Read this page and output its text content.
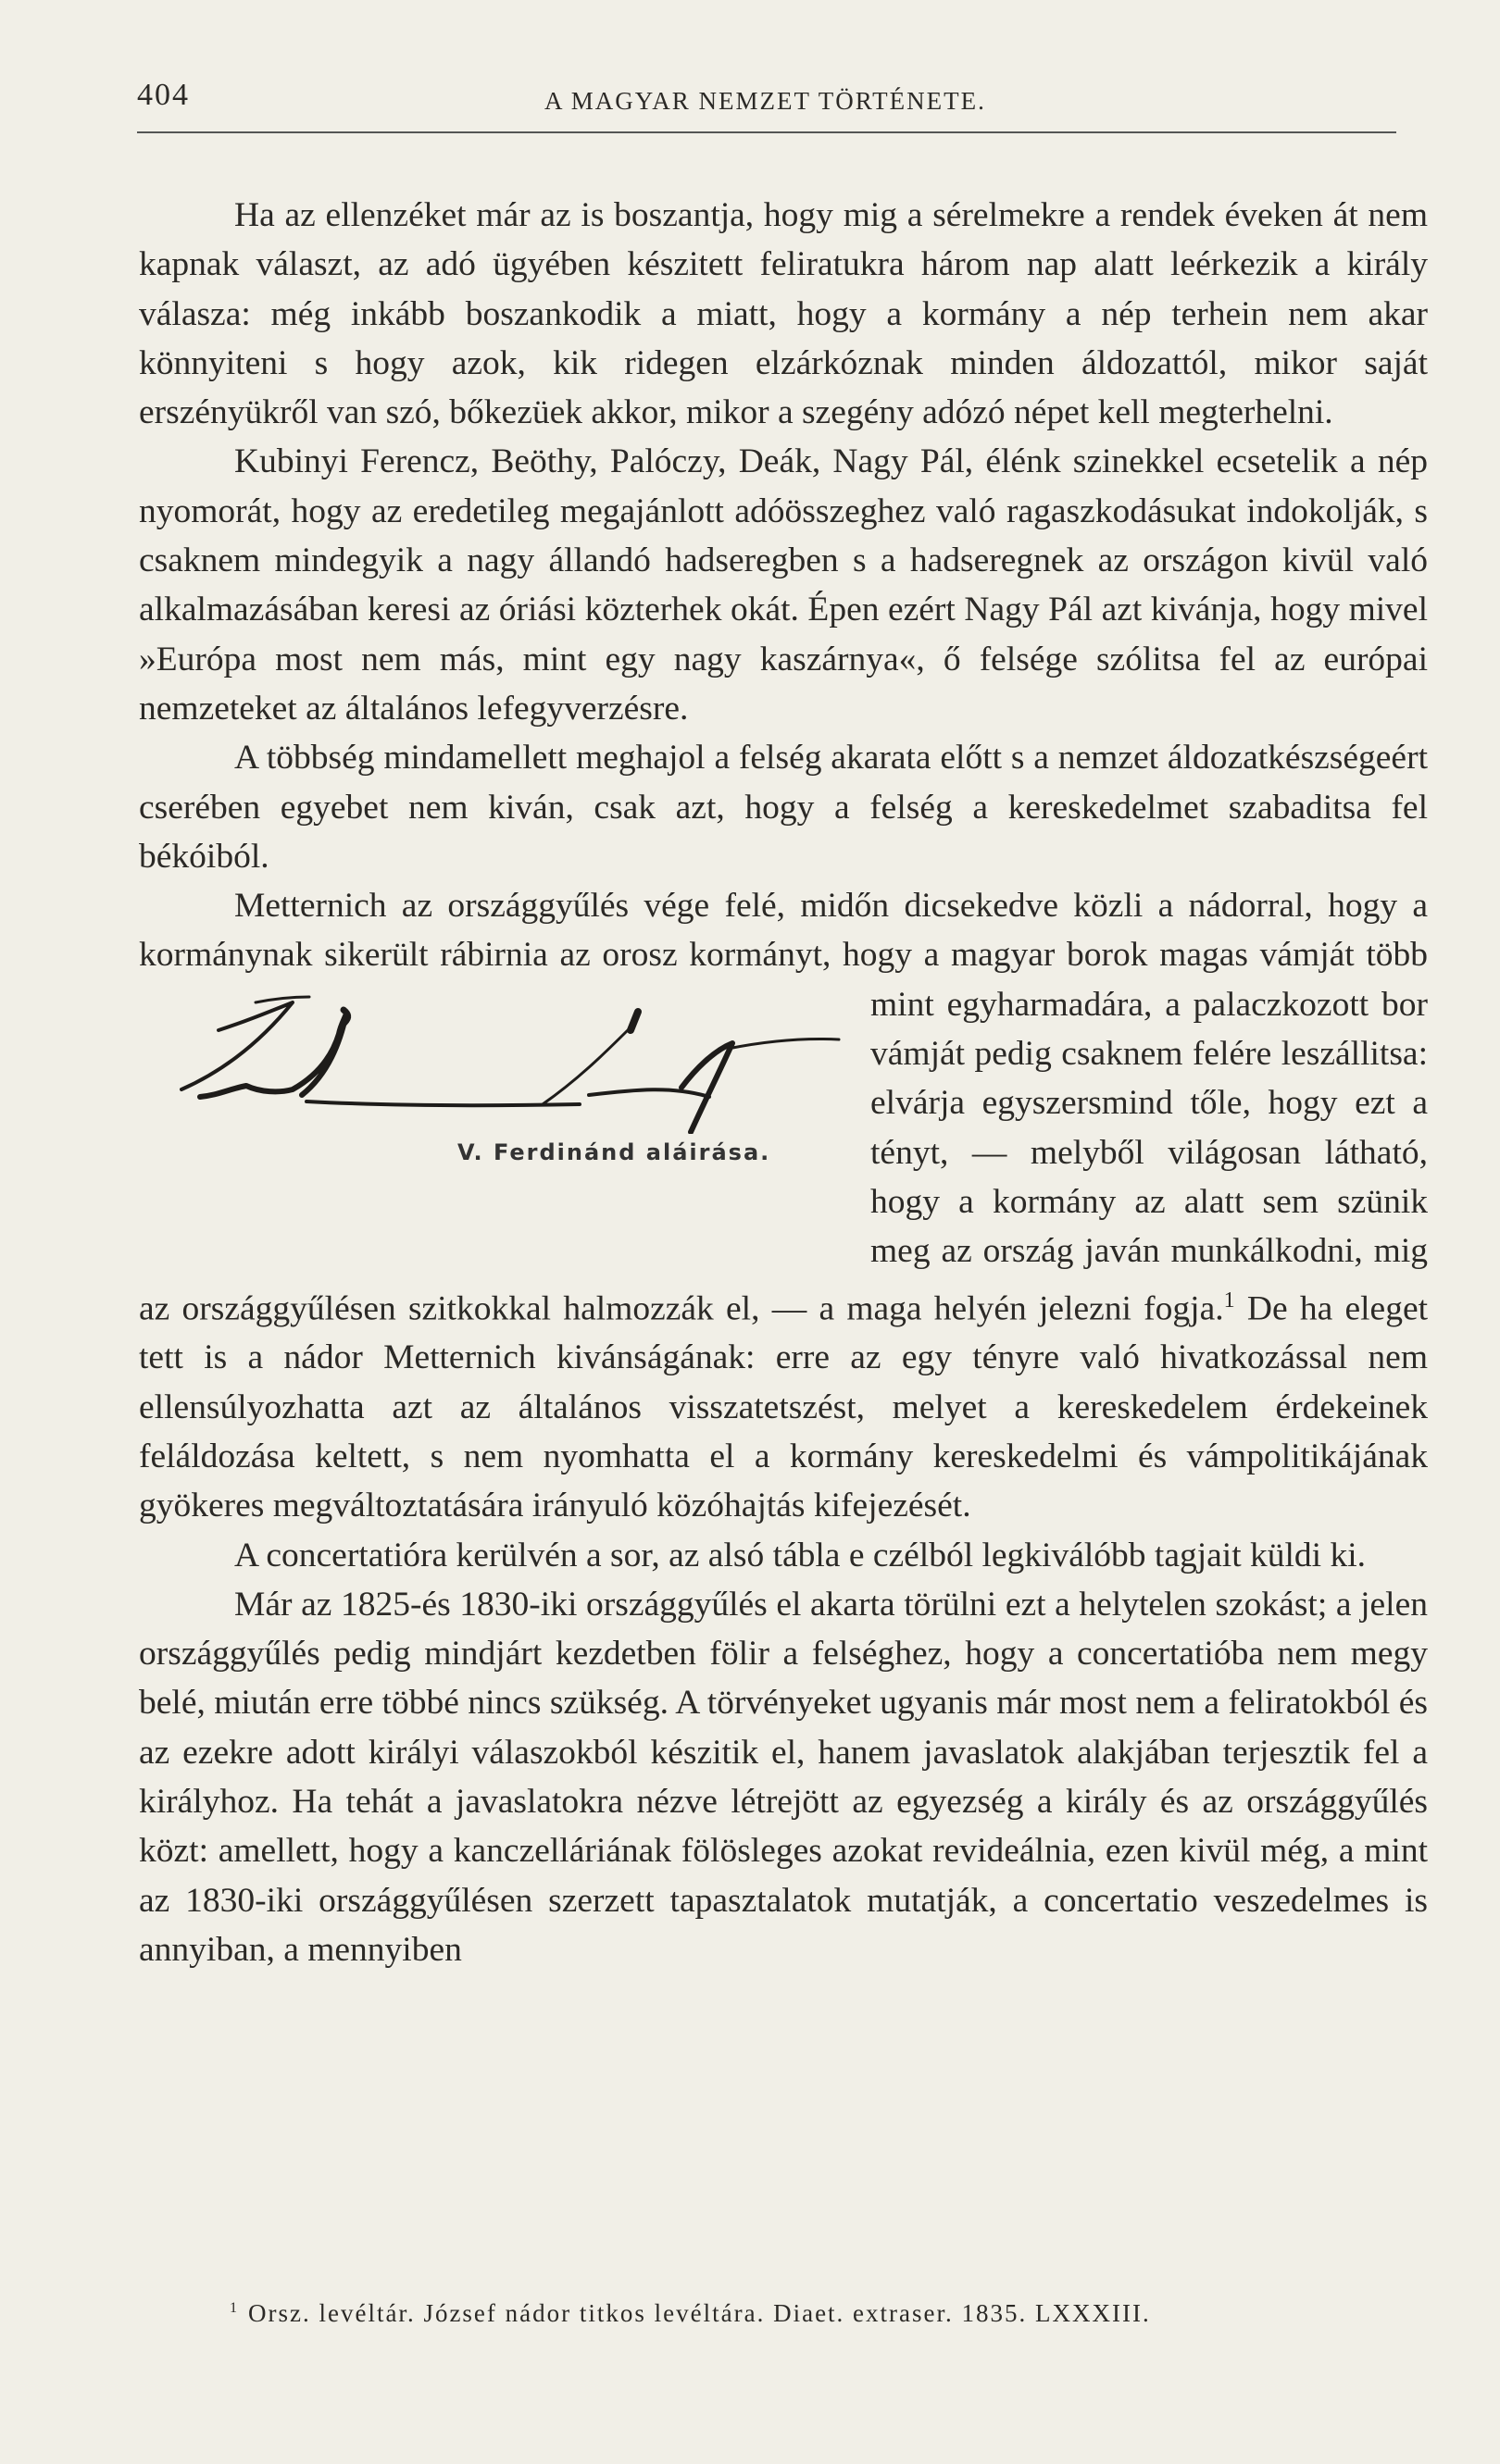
404	A MAGYAR NEMZET TÖRTÉNETE.

Ha az ellenzéket már az is boszantja, hogy mig a sérelmekre a rendek éveken át nem kapnak választ, az adó ügyében készitett feliratukra három nap alatt leérkezik a király válasza: még inkább boszankodik a miatt, hogy a kormány a nép terhein nem akar könnyiteni s hogy azok, kik ridegen elzárkóznak minden áldozattól, mikor saját erszényükről van szó, bőkezüek akkor, mikor a szegény adózó népet kell megterhelni.

Kubinyi Ferencz, Beöthy, Palóczy, Deák, Nagy Pál, élénk szinekkel ecsetelik a nép nyomorát, hogy az eredetileg megajánlott adóösszeghez való ragaszkodásukat indokolják, s csaknem mindegyik a nagy állandó hadseregben s a hadseregnek az országon kivül való alkalmazásában keresi az óriási közterhek okát. Épen ezért Nagy Pál azt kivánja, hogy mivel »Európa most nem más, mint egy nagy kaszárnya«, ő felsége szólitsa fel az európai nemzeteket az általános lefegyverzésre.

A többség mindamellett meghajol a felség akarata előtt s a nemzet áldozatkészségeért cserében egyebet nem kiván, csak azt, hogy a felség a kereskedelmet szabaditsa fel békóiból.

Metternich az országgyűlés vége felé, midőn dicsekedve közli a nádorral, hogy a kormánynak sikerült rábirnia az orosz kormányt, hogy a magyar
V. Ferdinánd aláirása.
borok magas vámját több mint egyharmadára, a palaczkozott bor vámját pedig csaknem felére leszállitsa: elvárja egyszersmind tőle, hogy ezt a tényt, — melyből világosan látható, hogy a kormány az alatt sem szünik meg az ország javán munkálkodni, mig az országgyűlésen szitkokkal halmozzák el, — a maga helyén jelezni fogja.$^1$ De ha eleget tett is a nádor Metternich kivánságának: erre az egy tényre való hivatkozással nem ellensúlyozhatta azt az általános visszatetszést, melyet a kereskedelem érdekeinek feláldozása keltett, s nem nyomhatta el a kormány kereskedelmi és vámpolitikájának gyökeres megváltoztatására irányuló közóhajtás kifejezését.

A concertatióra kerülvén a sor, az alsó tábla e czélból legkiválóbb tagjait küldi ki.

Már az 1825-és 1830-iki országgyűlés el akarta törülni ezt a helytelen szokást; a jelen országgyűlés pedig mindjárt kezdetben fölir a felséghez, hogy a concertatióba nem megy belé, miután erre többé nincs szükség. A törvényeket ugyanis már most nem a feliratokból és az ezekre adott királyi válaszokból készitik el, hanem javaslatok alakjában terjesztik fel a királyhoz. Ha tehát a javaslatokra nézve létrejött az egyezség a király és az országgyűlés közt: amellett, hogy a kanczelláriának fölösleges azokat revideálnia, ezen kivül még, a mint az 1830-iki országgyűlésen szerzett tapasztalatok mutatják, a concertatio veszedelmes is annyiban, a mennyiben

$^1$ Orsz. levéltár. József nádor titkos levéltára. Diaet. extraser. 1835. LXXXIII.
